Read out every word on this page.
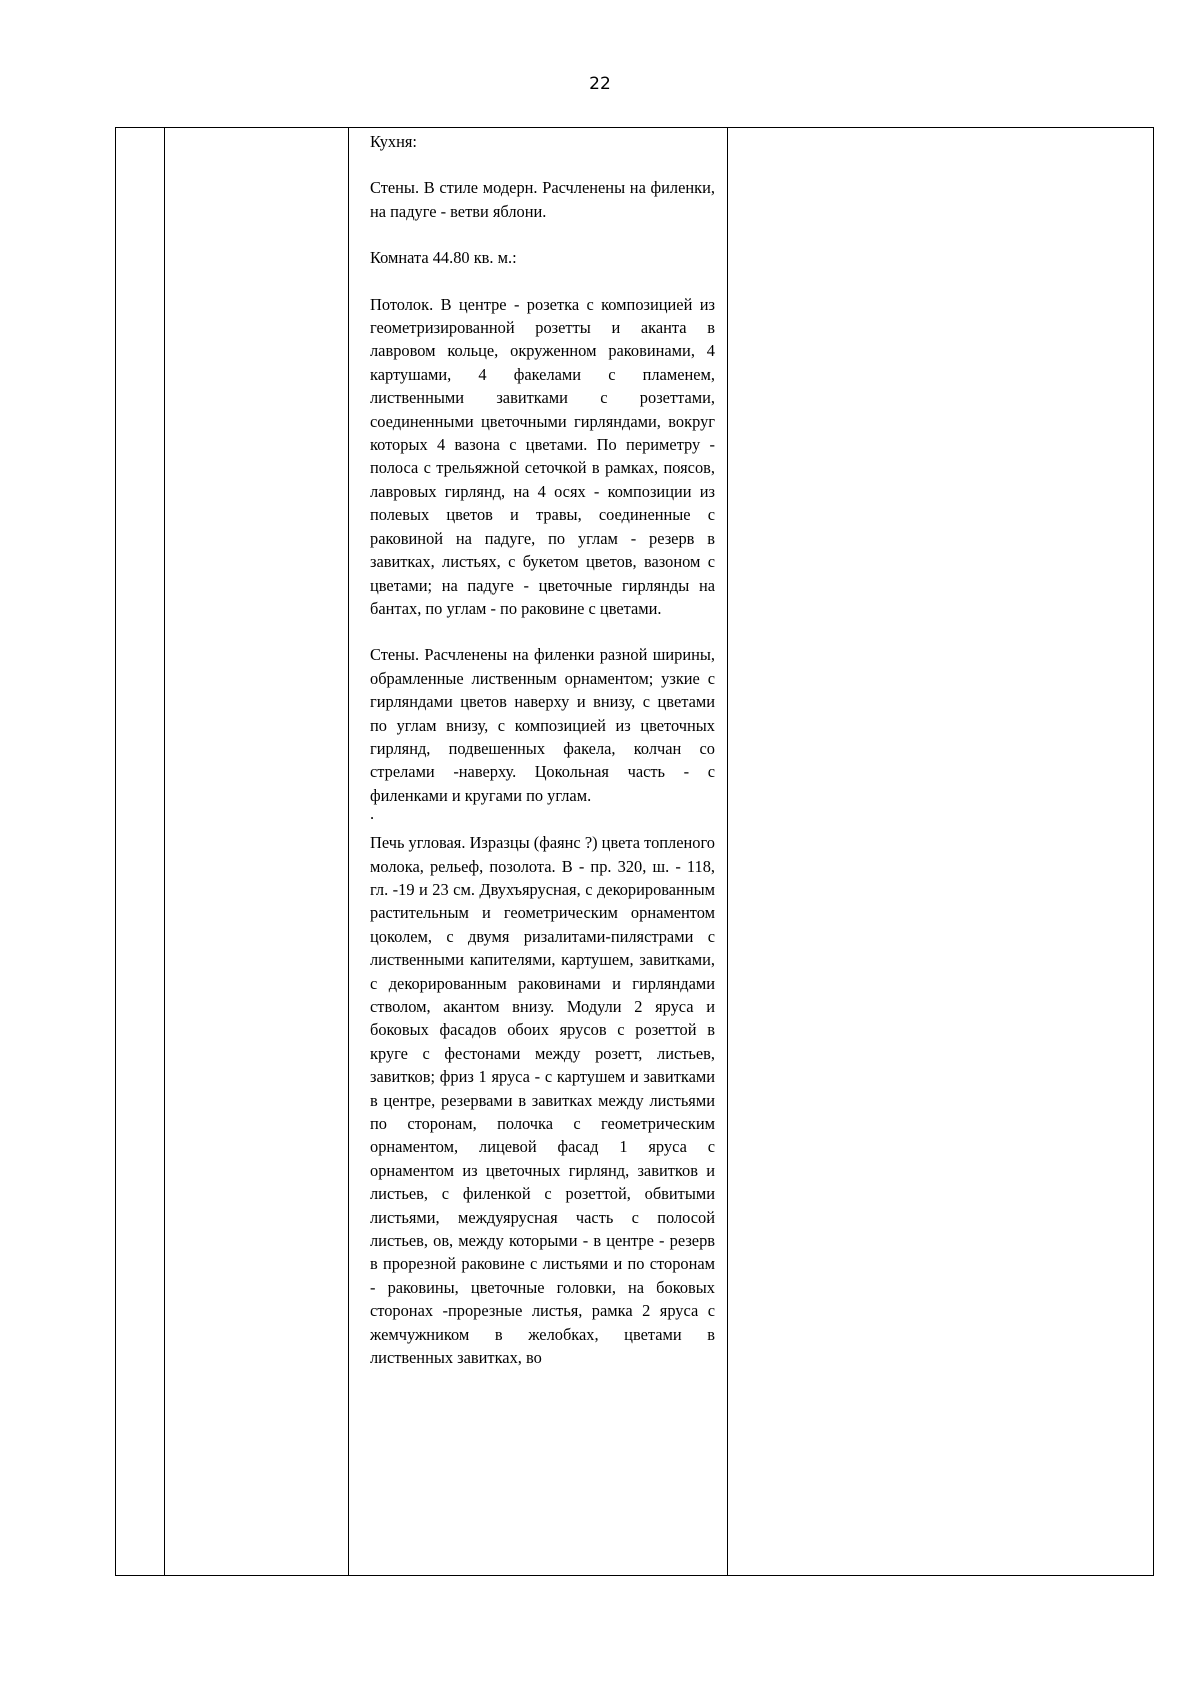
22

Кухня:

Стены. В стиле модерн. Расчленены на филенки, на падуге - ветви яблони.

Комната 44.80 кв. м.:

Потолок. В центре - розетка с композицией из геометризированной розетты и аканта в лавровом кольце, окруженном раковинами, 4 картушами, 4 факелами с пламенем, лиственными завитками с розеттами, соединенными цветочными гирляндами, вокруг которых 4 вазона с цветами. По периметру - полоса с трельяжной сеточкой в рамках, поясов, лавровых гирлянд, на 4 осях - композиции из полевых цветов и травы, соединенные с раковиной на падуге, по углам - резерв в завитках, листьях, с букетом цветов, вазоном с цветами; на падуге - цветочные гирлянды на бантах, по углам - по раковине с цветами.

Стены. Расчленены на филенки разной ширины, обрамленные лиственным орнаментом; узкие с гирляндами цветов наверху и внизу, с цветами по углам внизу, с композицией из цветочных гирлянд, подвешенных факела, колчан со стрелами -наверху. Цокольная часть - с филенками и кругами по углам.

.

Печь угловая. Изразцы (фаянс ?) цвета топленого молока, рельеф, позолота. В - пр. 320, ш. - 118, гл. -19 и 23 см. Двухъярусная, с декорированным растительным и геометрическим орнаментом цоколем, с двумя ризалитами-пилястрами с лиственными капителями, картушем, завитками, с декорированным раковинами и гирляндами стволом, акантом внизу. Модули 2 яруса и боковых фасадов обоих ярусов с розеттой в круге с фестонами между розетт, листьев, завитков; фриз 1 яруса - с картушем и завитками в центре, резервами в завитках между листьями по сторонам, полочка с геометрическим орнаментом, лицевой фасад 1 яруса с орнаментом из цветочных гирлянд, завитков и листьев, с филенкой с розеттой, обвитыми листьями, междуярусная часть с полосой листьев, ов, между которыми - в центре - резерв в прорезной раковине с листьями и по сторонам - раковины, цветочные головки, на боковых сторонах -прорезные листья, рамка 2 яруса с жемчужником в желобках, цветами в лиственных завитках, во
